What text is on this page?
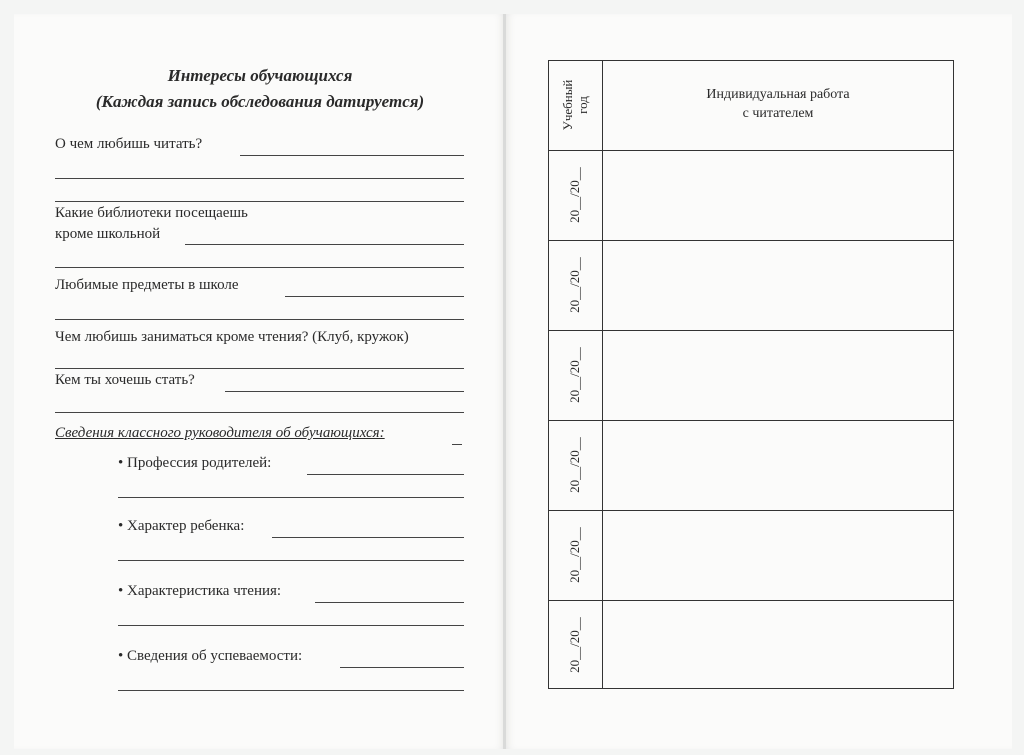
Интересы обучающихся
(Каждая запись обследования датируется)
О чем любишь читать?
Какие библиотеки посещаешь
кроме школьной
Любимые предметы в школе
Чем любишь заниматься кроме чтения? (Клуб, кружок)
Кем ты хочешь стать?
Сведения классного руководителя об обучающихся:
• Профессия родителей:
• Характер ребенка:
• Характеристика чтения:
• Сведения об успеваемости:
Учебный
год
Индивидуальная работа
с читателем
20__/20__
20__/20__
20__/20__
20__/20__
20__/20__
20__/20__
